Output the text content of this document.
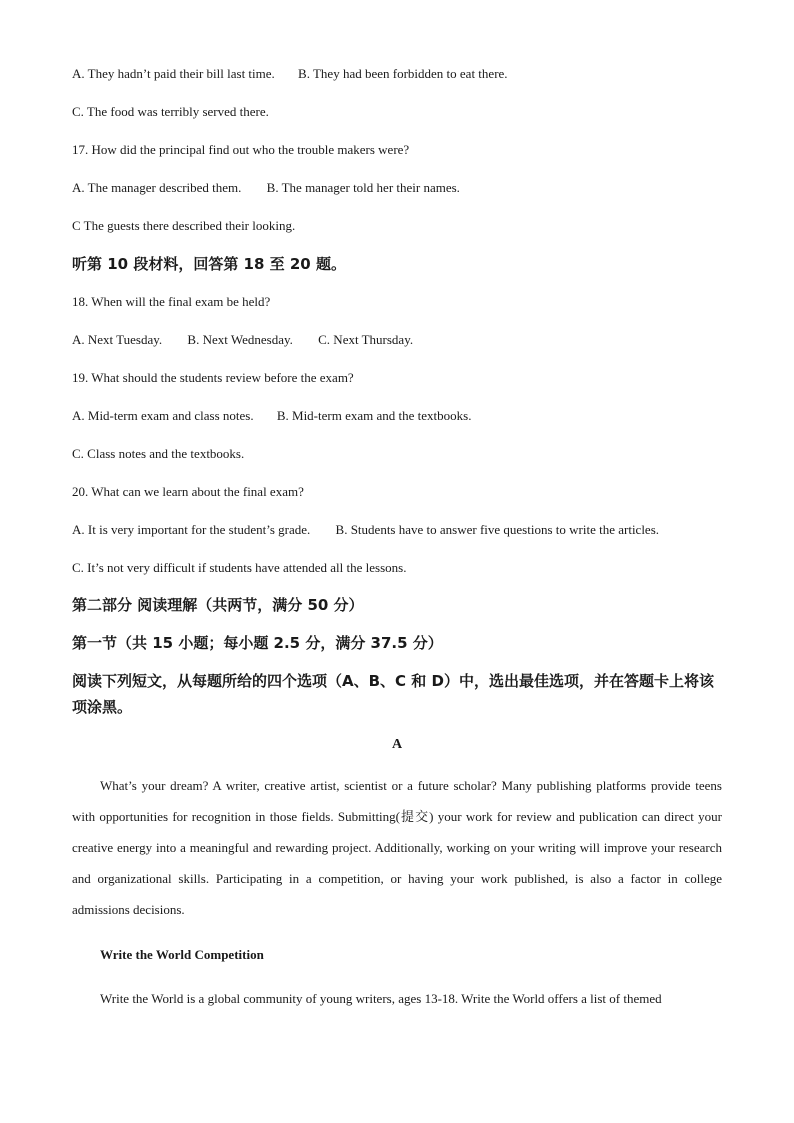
A. They hadn’t paid their bill last time. B. They had been forbidden to eat there.
C. The food was terribly served there.
17. How did the principal find out who the trouble makers were?
A. The manager described them. B. The manager told her their names.
C The guests there described their looking.
听第 10 段材料，回答第 18 至 20 题。
18. When will the final exam be held?
A. Next Tuesday. B. Next Wednesday. C. Next Thursday.
19. What should the students review before the exam?
A. Mid-term exam and class notes. B. Mid-term exam and the textbooks.
C. Class notes and the textbooks.
20. What can we learn about the final exam?
A. It is very important for the student’s grade. B. Students have to answer five questions to write the articles.
C. It’s not very difficult if students have attended all the lessons.
第二部分 阅读理解（共两节，满分 50 分）
第一节（共 15 小题；每小题 2.5 分，满分 37.5 分）
阅读下列短文，从每题所给的四个选项（A、B、C 和 D）中，选出最佳选项，并在答题卡上将该项涂黑。
A
What’s your dream? A writer, creative artist, scientist or a future scholar? Many publishing platforms provide teens with opportunities for recognition in those fields. Submitting(提交) your work for review and publication can direct your creative energy into a meaningful and rewarding project. Additionally, working on your writing will improve your research and organizational skills. Participating in a competition, or having your work published, is also a factor in college admissions decisions.
Write the World Competition
Write the World is a global community of young writers, ages 13-18. Write the World offers a list of themed
